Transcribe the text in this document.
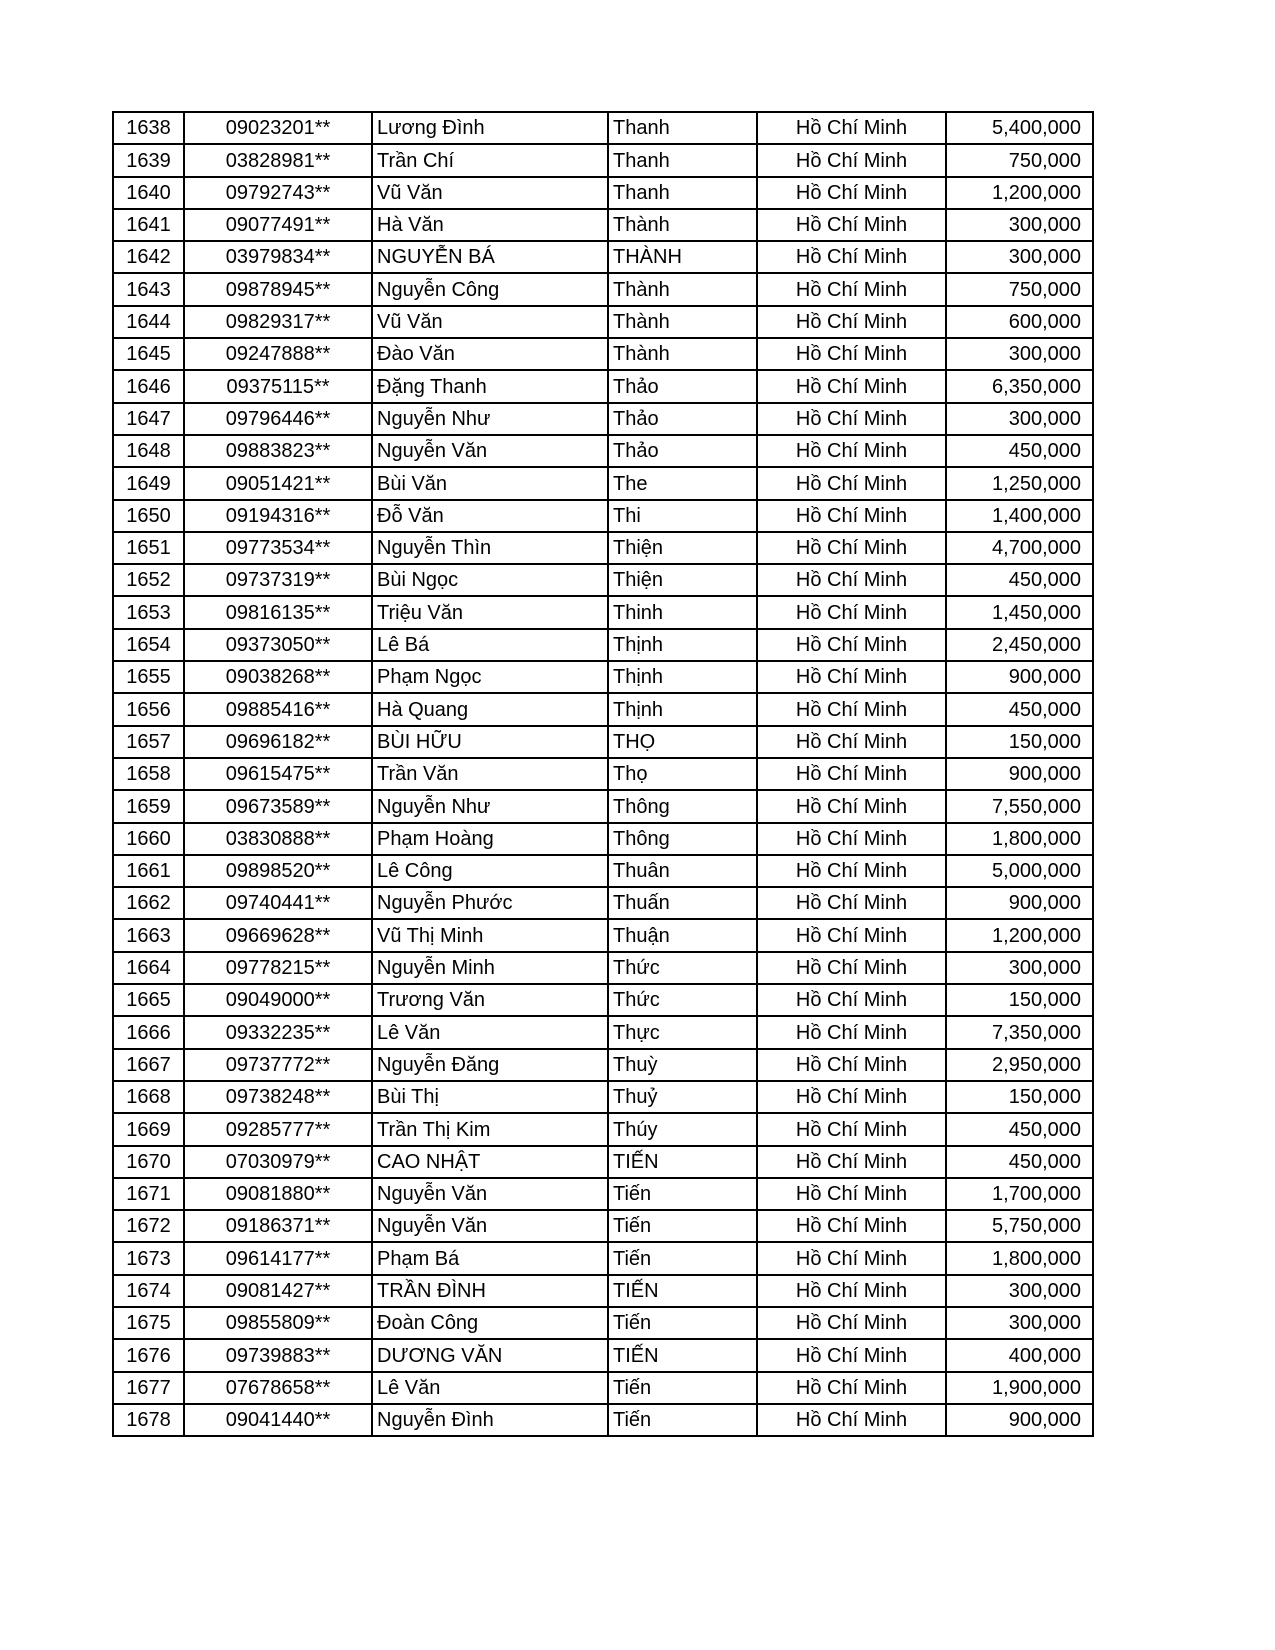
1638	09023201**	Lương Đình	Thanh	Hồ Chí Minh	5,400,000
1639	03828981**	Trần Chí	Thanh	Hồ Chí Minh	750,000
1640	09792743**	Vũ Văn	Thanh	Hồ Chí Minh	1,200,000
1641	09077491**	Hà Văn	Thành	Hồ Chí Minh	300,000
1642	03979834**	NGUYỄN BÁ	THÀNH	Hồ Chí Minh	300,000
1643	09878945**	Nguyễn Công	Thành	Hồ Chí Minh	750,000
1644	09829317**	Vũ Văn	Thành	Hồ Chí Minh	600,000
1645	09247888**	Đào Văn	Thành	Hồ Chí Minh	300,000
1646	09375115**	Đặng Thanh	Thảo	Hồ Chí Minh	6,350,000
1647	09796446**	Nguyễn Như	Thảo	Hồ Chí Minh	300,000
1648	09883823**	Nguyễn Văn	Thảo	Hồ Chí Minh	450,000
1649	09051421**	Bùi Văn	The	Hồ Chí Minh	1,250,000
1650	09194316**	Đỗ Văn	Thi	Hồ Chí Minh	1,400,000
1651	09773534**	Nguyễn Thìn	Thiện	Hồ Chí Minh	4,700,000
1652	09737319**	Bùi Ngọc	Thiện	Hồ Chí Minh	450,000
1653	09816135**	Triệu Văn	Thinh	Hồ Chí Minh	1,450,000
1654	09373050**	Lê Bá	Thịnh	Hồ Chí Minh	2,450,000
1655	09038268**	Phạm Ngọc	Thịnh	Hồ Chí Minh	900,000
1656	09885416**	Hà Quang	Thịnh	Hồ Chí Minh	450,000
1657	09696182**	BÙI HỮU	THỌ	Hồ Chí Minh	150,000
1658	09615475**	Trần Văn	Thọ	Hồ Chí Minh	900,000
1659	09673589**	Nguyễn Như	Thông	Hồ Chí Minh	7,550,000
1660	03830888**	Phạm Hoàng	Thông	Hồ Chí Minh	1,800,000
1661	09898520**	Lê Công	Thuân	Hồ Chí Minh	5,000,000
1662	09740441**	Nguyễn Phước	Thuấn	Hồ Chí Minh	900,000
1663	09669628**	Vũ Thị Minh	Thuận	Hồ Chí Minh	1,200,000
1664	09778215**	Nguyễn Minh	Thức	Hồ Chí Minh	300,000
1665	09049000**	Trương Văn	Thức	Hồ Chí Minh	150,000
1666	09332235**	Lê Văn	Thực	Hồ Chí Minh	7,350,000
1667	09737772**	Nguyễn Đăng	Thuỳ	Hồ Chí Minh	2,950,000
1668	09738248**	Bùi Thị	Thuỷ	Hồ Chí Minh	150,000
1669	09285777**	Trần Thị Kim	Thúy	Hồ Chí Minh	450,000
1670	07030979**	CAO NHẬT	TIẾN	Hồ Chí Minh	450,000
1671	09081880**	Nguyễn Văn	Tiến	Hồ Chí Minh	1,700,000
1672	09186371**	Nguyễn Văn	Tiến	Hồ Chí Minh	5,750,000
1673	09614177**	Phạm Bá	Tiến	Hồ Chí Minh	1,800,000
1674	09081427**	TRẦN ĐÌNH	TIẾN	Hồ Chí Minh	300,000
1675	09855809**	Đoàn Công	Tiến	Hồ Chí Minh	300,000
1676	09739883**	DƯƠNG VĂN	TIẾN	Hồ Chí Minh	400,000
1677	07678658**	Lê Văn	Tiến	Hồ Chí Minh	1,900,000
1678	09041440**	Nguyễn Đình	Tiến	Hồ Chí Minh	900,000
